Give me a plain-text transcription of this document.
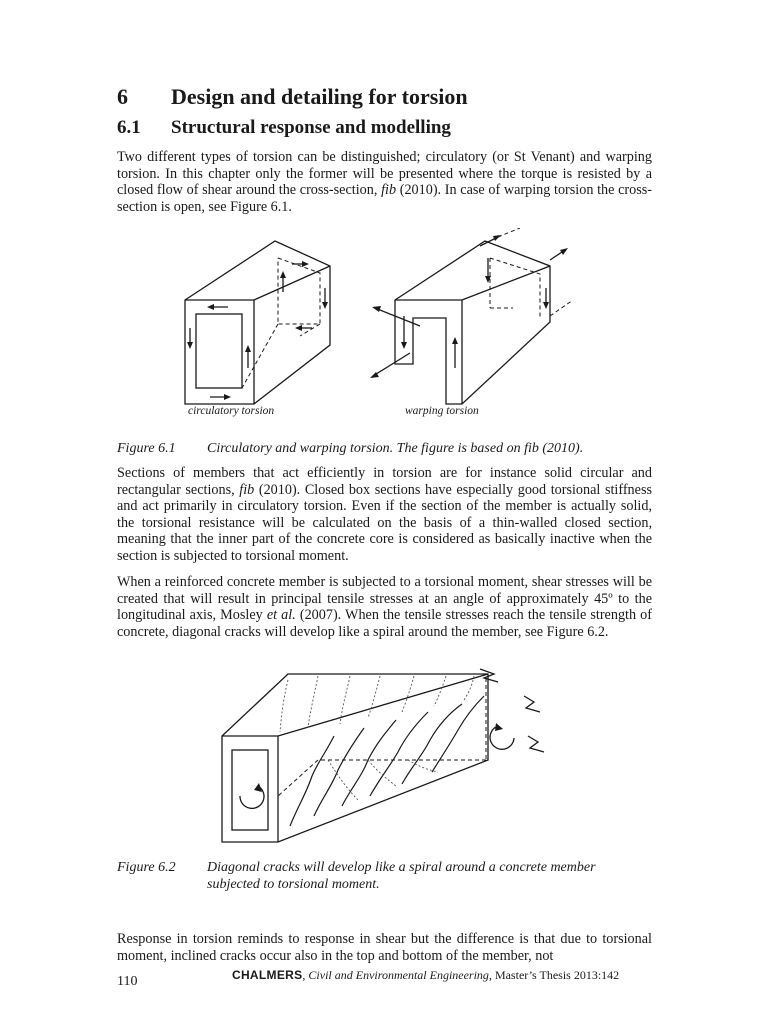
6 Design and detailing for torsion
6.1 Structural response and modelling
Two different types of torsion can be distinguished; circulatory (or St Venant) and warping torsion. In this chapter only the former will be presented where the torque is resisted by a closed flow of shear around the cross-section, fib (2010). In case of warping torsion the cross-section is open, see Figure 6.1.
circulatory torsion	warping torsion
Figure 6.1 Circulatory and warping torsion. The figure is based on fib (2010).
Sections of members that act efficiently in torsion are for instance solid circular and rectangular sections, fib (2010). Closed box sections have especially good torsional stiffness and act primarily in circulatory torsion. Even if the section of the member is actually solid, the torsional resistance will be calculated on the basis of a thin-walled closed section, meaning that the inner part of the concrete core is considered as basically inactive when the section is subjected to torsional moment.
When a reinforced concrete member is subjected to a torsional moment, shear stresses will be created that will result in principal tensile stresses at an angle of approximately 45º to the longitudinal axis, Mosley et al. (2007). When the tensile stresses reach the tensile strength of concrete, diagonal cracks will develop like a spiral around the member, see Figure 6.2.
Figure 6.2 Diagonal cracks will develop like a spiral around a concrete member
subjected to torsional moment.
Response in torsion reminds to response in shear but the difference is that due to torsional moment, inclined cracks occur also in the top and bottom of the member, not
CHALMERS, Civil and Environmental Engineering, Master’s Thesis 2013:142
110
